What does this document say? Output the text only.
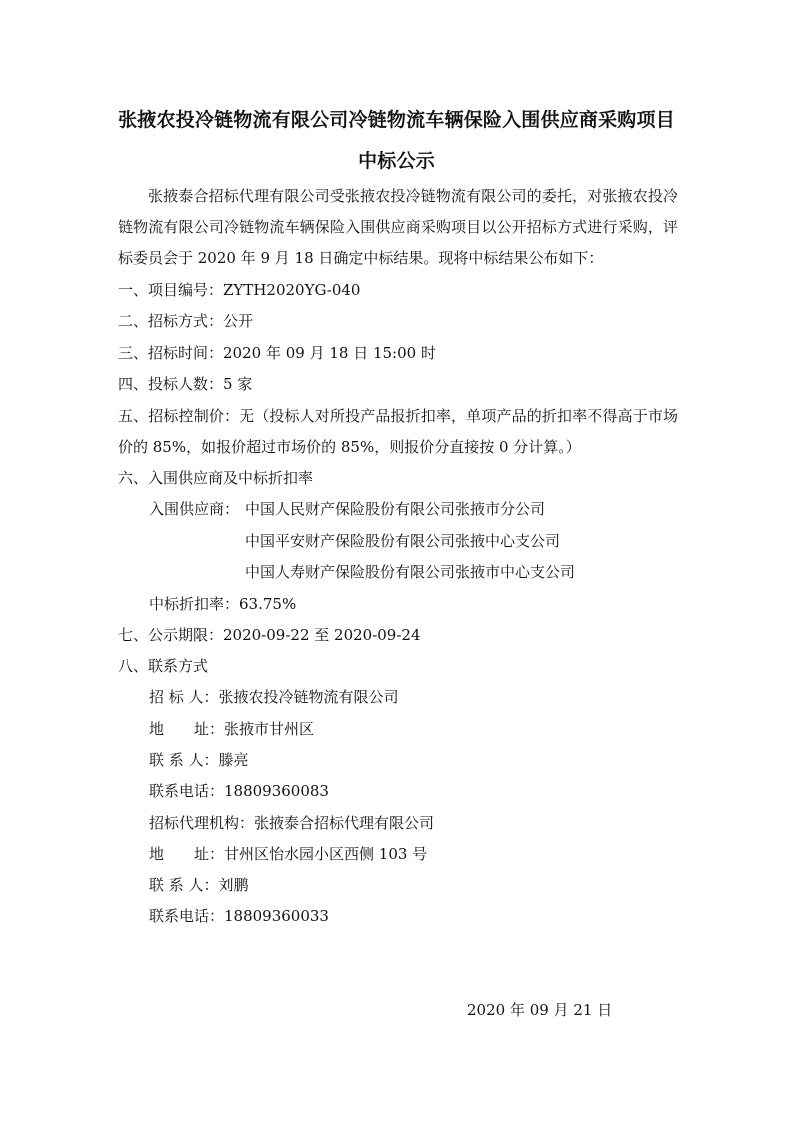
张掖农投冷链物流有限公司冷链物流车辆保险入围供应商采购项目
中标公示
张掖泰合招标代理有限公司受张掖农投冷链物流有限公司的委托，对张掖农投冷链物流有限公司冷链物流车辆保险入围供应商采购项目以公开招标方式进行采购，评标委员会于 2020 年 9 月 18 日确定中标结果。现将中标结果公布如下：
一、项目编号：ZYTH2020YG-040
二、招标方式：公开
三、招标时间：2020 年 09 月 18 日 15:00 时
四、投标人数：5 家
五、招标控制价：无（投标人对所投产品报折扣率，单项产品的折扣率不得高于市场价的 85%，如报价超过市场价的 85%，则报价分直接按 0 分计算。）
六、入围供应商及中标折扣率
入围供应商： 中国人民财产保险股份有限公司张掖市分公司
中国平安财产保险股份有限公司张掖中心支公司
中国人寿财产保险股份有限公司张掖市中心支公司
中标折扣率：63.75%
七、公示期限：2020-09-22 至 2020-09-24
八、联系方式
招 标 人：张掖农投冷链物流有限公司
地　　址：张掖市甘州区
联 系 人：滕亮
联系电话：18809360083
招标代理机构：张掖泰合招标代理有限公司
地　　址：甘州区怡水园小区西侧 103 号
联 系 人：刘鹏
联系电话：18809360033
2020 年 09 月 21 日
